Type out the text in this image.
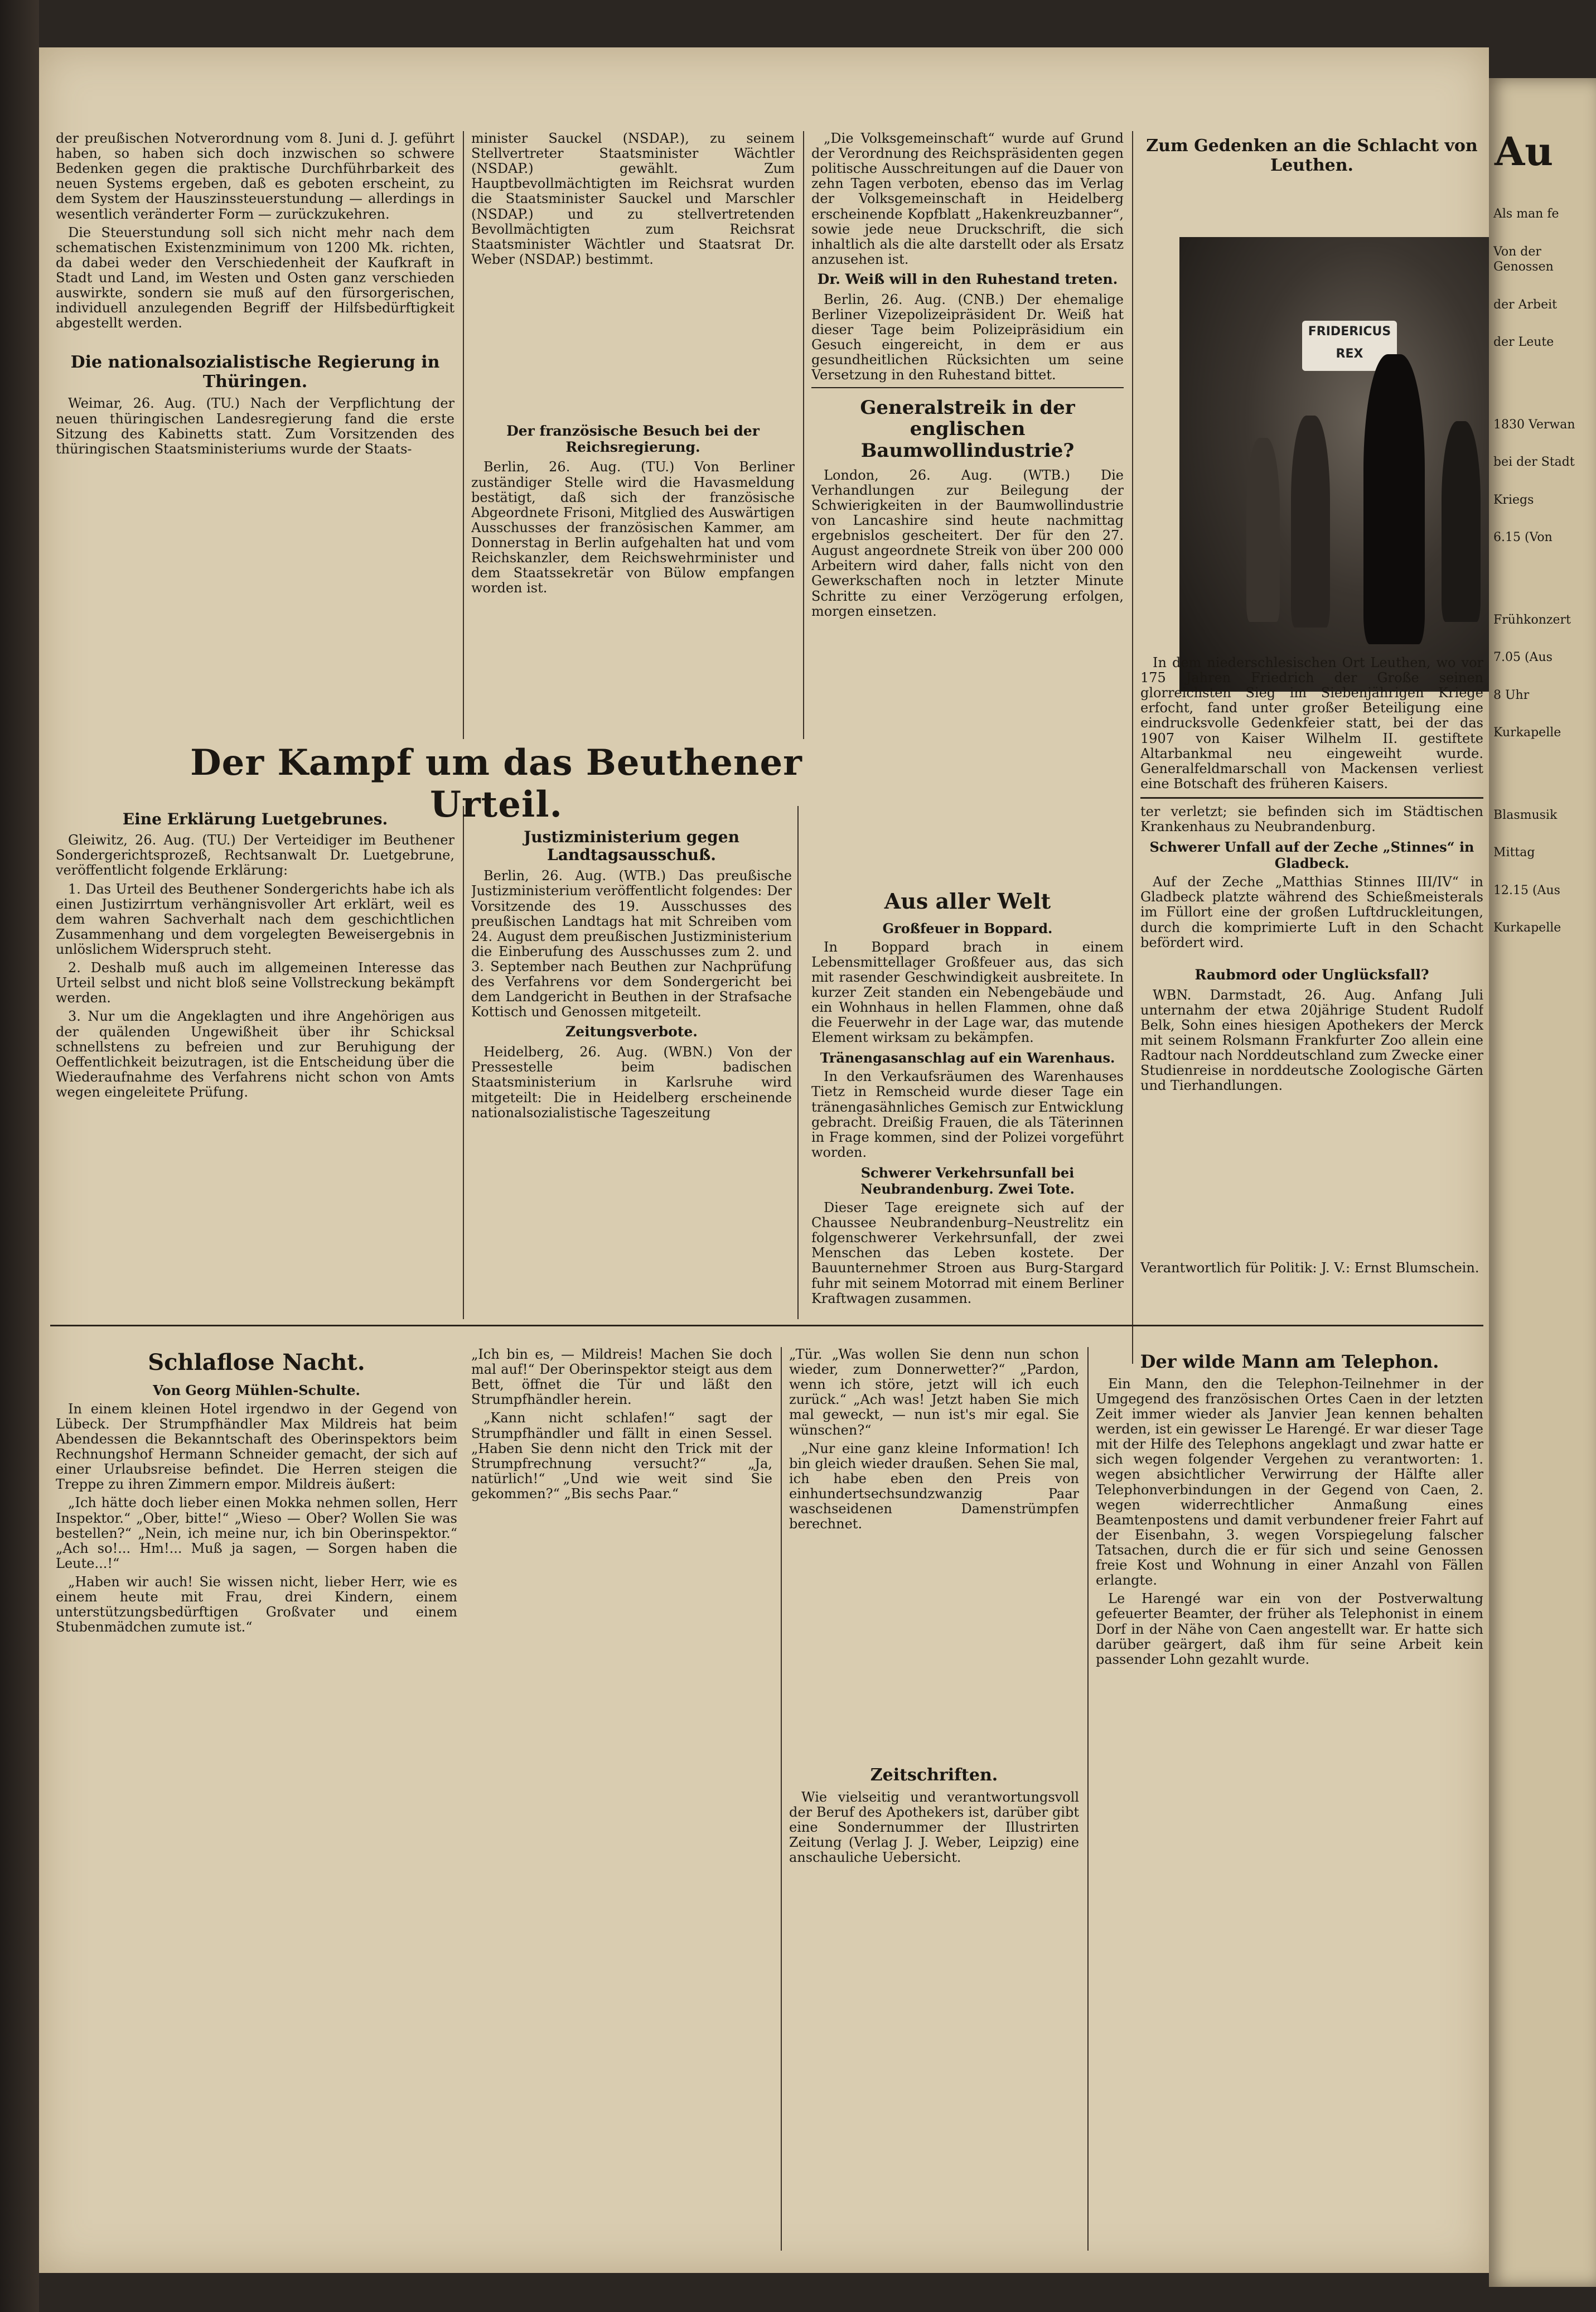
der preußischen Notverordnung vom 8. Juni d. J. geführt haben, so haben sich doch inzwischen so schwere Bedenken gegen die praktische Durchführbarkeit des neuen Systems ergeben, daß es geboten erscheint, zu dem System der Hauszinssteuerstundung — allerdings in wesentlich veränderter Form — zurückzukehren.

Die Steuerstundung soll sich nicht mehr nach dem schematischen Existenzminimum von 1200 Mk. richten, da dabei weder den Verschiedenheit der Kaufkraft in Stadt und Land, im Westen und Osten ganz verschieden auswirkte, sondern sie muß auf den fürsorgerischen, individuell anzulegenden Begriff der Hilfsbedürftigkeit abgestellt werden.

Die nationalsozialistische Regierung in Thüringen.

Weimar, 26. Aug. (TU.) Nach der Verpflichtung der neuen thüringischen Landesregierung fand die erste Sitzung des Kabinetts statt. Zum Vorsitzenden des thüringischen Staatsministeriums wurde der Staats-

minister Sauckel (NSDAP.), zu seinem Stellvertreter Staatsminister Wächtler (NSDAP.) gewählt. Zum Hauptbevollmächtigten im Reichsrat wurden die Staatsminister Sauckel und Marschler (NSDAP.) und zu stellvertretenden Bevollmächtigten zum Reichsrat Staatsminister Wächtler und Staatsrat Dr. Weber (NSDAP.) bestimmt.

Der französische Besuch bei der Reichsregierung.

Berlin, 26. Aug. (TU.) Von Berliner zuständiger Stelle wird die Havasmeldung bestätigt, daß sich der französische Abgeordnete Frisoni, Mitglied des Auswärtigen Ausschusses der französischen Kammer, am Donnerstag in Berlin aufgehalten hat und vom Reichskanzler, dem Reichswehrminister und dem Staatssekretär von Bülow empfangen worden ist.

„Die Volksgemeinschaft“ wurde auf Grund der Verordnung des Reichspräsidenten gegen politische Ausschreitungen auf die Dauer von zehn Tagen verboten, ebenso das im Verlag der Volksgemeinschaft in Heidelberg erscheinende Kopfblatt „Hakenkreuzbanner“, sowie jede neue Druckschrift, die sich inhaltlich als die alte darstellt oder als Ersatz anzusehen ist.

Dr. Weiß will in den Ruhestand treten.

Berlin, 26. Aug. (CNB.) Der ehemalige Berliner Vizepolizeipräsident Dr. Weiß hat dieser Tage beim Polizeipräsidium ein Gesuch eingereicht, in dem er aus gesundheitlichen Rücksichten um seine Versetzung in den Ruhestand bittet.

Generalstreik in der englischen Baumwollindustrie?

London, 26. Aug. (WTB.) Die Verhandlungen zur Beilegung der Schwierigkeiten in der Baumwollindustrie von Lancashire sind heute nachmittag ergebnislos gescheitert. Der für den 27. August angeordnete Streik von über 200 000 Arbeitern wird daher, falls nicht von den Gewerkschaften noch in letzter Minute Schritte zu einer Verzögerung erfolgen, morgen einsetzen.

Zum Gedenken an die Schlacht von Leuthen.
FRIDERICUS REX

In dem niederschlesischen Ort Leuthen, wo vor 175 Jahren Friedrich der Große seinen glorreichsten Sieg im Siebenjährigen Kriege erfocht, fand unter großer Beteiligung eine eindrucksvolle Gedenkfeier statt, bei der das 1907 von Kaiser Wilhelm II. gestiftete Altarbankmal neu eingeweiht wurde. Generalfeldmarschall von Mackensen verliest eine Botschaft des früheren Kaisers.

ter verletzt; sie befinden sich im Städtischen Krankenhaus zu Neubrandenburg.

Schwerer Unfall auf der Zeche „Stinnes“ in Gladbeck.

Auf der Zeche „Matthias Stinnes III/IV“ in Gladbeck platzte während des Schießmeisterals im Füllort eine der großen Luftdruckleitungen, durch die komprimierte Luft in den Schacht befördert wird.

Raubmord oder Unglücksfall?

WBN. Darmstadt, 26. Aug. Anfang Juli unternahm der etwa 20jährige Student Rudolf Belk, Sohn eines hiesigen Apothekers der Merck mit seinem Rolsmann Frankfurter Zoo allein eine Radtour nach Norddeutschland zum Zwecke einer Studienreise in norddeutsche Zoologische Gärten und Tierhandlungen.

Verantwortlich für Politik: J. V.: Ernst Blumschein.

Der Kampf um das Beuthener Urteil.
Eine Erklärung Luetgebrunes.

Gleiwitz, 26. Aug. (TU.) Der Verteidiger im Beuthener Sondergerichtsprozeß, Rechtsanwalt Dr. Luetgebrune, veröffentlicht folgende Erklärung:

1. Das Urteil des Beuthener Sondergerichts habe ich als einen Justizirrtum verhängnisvoller Art erklärt, weil es dem wahren Sachverhalt nach dem geschichtlichen Zusammenhang und dem vorgelegten Beweisergebnis in unlöslichem Widerspruch steht.

2. Deshalb muß auch im allgemeinen Interesse das Urteil selbst und nicht bloß seine Vollstreckung bekämpft werden.

3. Nur um die Angeklagten und ihre Angehörigen aus der quälenden Ungewißheit über ihr Schicksal schnellstens zu befreien und zur Beruhigung der Oeffentlichkeit beizutragen, ist die Entscheidung über die Wiederaufnahme des Verfahrens nicht schon von Amts wegen eingeleitete Prüfung.

Justizministerium gegen Landtagsausschuß.

Berlin, 26. Aug. (WTB.) Das preußische Justizministerium veröffentlicht folgendes: Der Vorsitzende des 19. Ausschusses des preußischen Landtags hat mit Schreiben vom 24. August dem preußischen Justizministerium die Einberufung des Ausschusses zum 2. und 3. September nach Beuthen zur Nachprüfung des Verfahrens vor dem Sondergericht bei dem Landgericht in Beuthen in der Strafsache Kottisch und Genossen mitgeteilt.

Zeitungsverbote.

Heidelberg, 26. Aug. (WBN.) Von der Pressestelle beim badischen Staatsministerium in Karlsruhe wird mitgeteilt: Die in Heidelberg erscheinende nationalsozialistische Tageszeitung

Aus aller Welt
Großfeuer in Boppard.

In Boppard brach in einem Lebensmittellager Großfeuer aus, das sich mit rasender Geschwindigkeit ausbreitete. In kurzer Zeit standen ein Nebengebäude und ein Wohnhaus in hellen Flammen, ohne daß die Feuerwehr in der Lage war, das mutende Element wirksam zu bekämpfen.

Tränengasanschlag auf ein Warenhaus.

In den Verkaufsräumen des Warenhauses Tietz in Remscheid wurde dieser Tage ein tränengasähnliches Gemisch zur Entwicklung gebracht. Dreißig Frauen, die als Täterinnen in Frage kommen, sind der Polizei vorgeführt worden.

Schwerer Verkehrsunfall bei Neubrandenburg. Zwei Tote.

Dieser Tage ereignete sich auf der Chaussee Neubrandenburg–Neustrelitz ein folgenschwerer Verkehrsunfall, der zwei Menschen das Leben kostete. Der Bauunternehmer Stroen aus Burg-Stargard fuhr mit seinem Motorrad mit einem Berliner Kraftwagen zusammen.

Schlaflose Nacht.
Von Georg Mühlen-Schulte.

In einem kleinen Hotel irgendwo in der Gegend von Lübeck. Der Strumpfhändler Max Mildreis hat beim Abendessen die Bekanntschaft des Oberinspektors beim Rechnungshof Hermann Schneider gemacht, der sich auf einer Urlaubsreise befindet. Die Herren steigen die Treppe zu ihren Zimmern empor. Mildreis äußert:

„Ich hätte doch lieber einen Mokka nehmen sollen, Herr Inspektor.“ „Ober, bitte!“ „Wieso — Ober? Wollen Sie was bestellen?“ „Nein, ich meine nur, ich bin Oberinspektor.“ „Ach so!... Hm!... Muß ja sagen, — Sorgen haben die Leute...!“

„Haben wir auch! Sie wissen nicht, lieber Herr, wie es einem heute mit Frau, drei Kindern, einem unterstützungsbedürftigen Großvater und einem Stubenmädchen zumute ist.“

„Ich bin es, — Mildreis! Machen Sie doch mal auf!“ Der Oberinspektor steigt aus dem Bett, öffnet die Tür und läßt den Strumpfhändler herein.

„Kann nicht schlafen!“ sagt der Strumpfhändler und fällt in einen Sessel. „Haben Sie denn nicht den Trick mit der Strumpfrechnung versucht?“ „Ja, natürlich!“ „Und wie weit sind Sie gekommen?“ „Bis sechs Paar.“

„Tür. „Was wollen Sie denn nun schon wieder, zum Donnerwetter?“ „Pardon, wenn ich störe, jetzt will ich euch zurück.“ „Ach was! Jetzt haben Sie mich mal geweckt, — nun ist's mir egal. Sie wünschen?“

„Nur eine ganz kleine Information! Ich bin gleich wieder draußen. Sehen Sie mal, ich habe eben den Preis von einhundertsechsundzwanzig Paar waschseidenen Damenstrümpfen berechnet.

Zeitschriften.

Wie vielseitig und verantwortungsvoll der Beruf des Apothekers ist, darüber gibt eine Sondernummer der Illustrirten Zeitung (Verlag J. J. Weber, Leipzig) eine anschauliche Uebersicht.

Der wilde Mann am Telephon.

Ein Mann, den die Telephon-Teilnehmer in der Umgegend des französischen Ortes Caen in der letzten Zeit immer wieder als Janvier Jean kennen behalten werden, ist ein gewisser Le Harengé. Er war dieser Tage mit der Hilfe des Telephons angeklagt und zwar hatte er sich wegen folgender Vergehen zu verantworten: 1. wegen absichtlicher Verwirrung der Hälfte aller Telephonverbindungen in der Gegend von Caen, 2. wegen widerrechtlicher Anmaßung eines Beamtenpostens und damit verbundener freier Fahrt auf der Eisenbahn, 3. wegen Vorspiegelung falscher Tatsachen, durch die er für sich und seine Genossen freie Kost und Wohnung in einer Anzahl von Fällen erlangte.

Le Harengé war ein von der Postverwaltung gefeuerter Beamter, der früher als Telephonist in einem Dorf in der Nähe von Caen angestellt war. Er hatte sich darüber geärgert, daß ihm für seine Arbeit kein passender Lohn gezahlt wurde.

Au
Als man fe
Von der Genossen
der Arbeit
der Leute
1830 Verwan
bei der Stadt
Kriegs
6.15 (Von
Frühkonzert
7.05 (Aus
8 Uhr
Kurkapelle
Blasmusik
Mittag
12.15 (Aus
Kurkapelle
